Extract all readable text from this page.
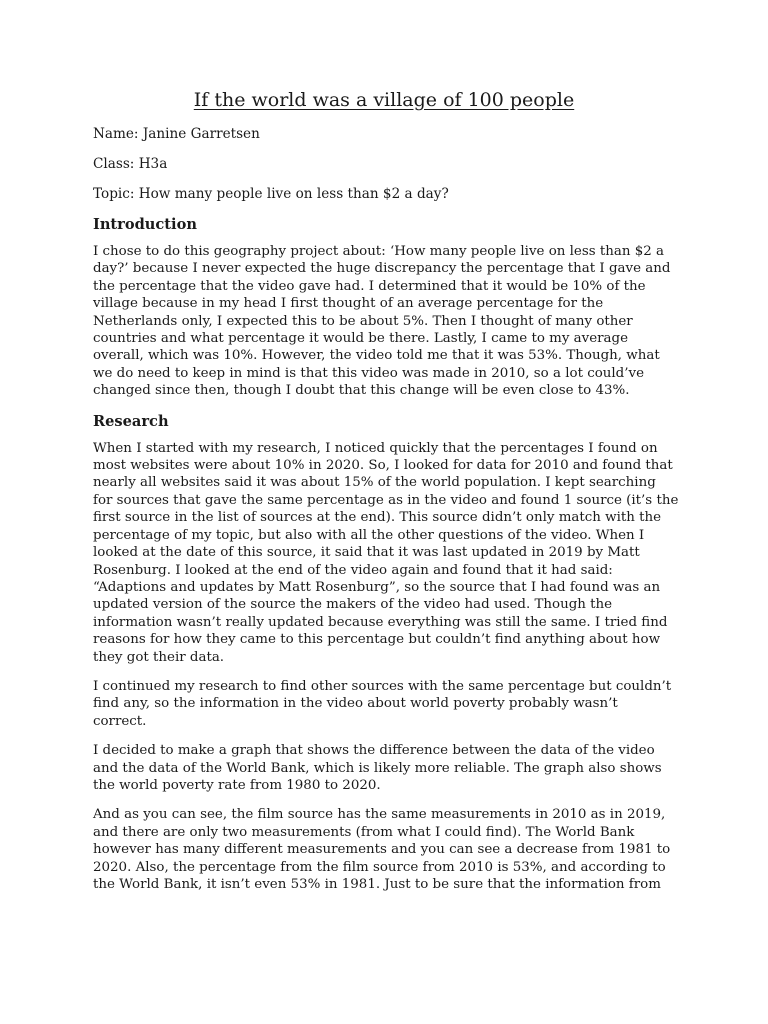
If the world was a village of 100 people

Name: Janine Garretsen

Class: H3a

Topic: How many people live on less than $2 a day?

Introduction

I chose to do this geography project about: ‘How many people live on less than $2 a
day?’ because I never expected the huge discrepancy the percentage that I gave and
the percentage that the video gave had. I determined that it would be 10% of the
village because in my head I first thought of an average percentage for the
Netherlands only, I expected this to be about 5%. Then I thought of many other
countries and what percentage it would be there. Lastly, I came to my average
overall, which was 10%. However, the video told me that it was 53%. Though, what
we do need to keep in mind is that this video was made in 2010, so a lot could’ve
changed since then, though I doubt that this change will be even close to 43%.

Research

When I started with my research, I noticed quickly that the percentages I found on
most websites were about 10% in 2020. So, I looked for data for 2010 and found that
nearly all websites said it was about 15% of the world population. I kept searching
for sources that gave the same percentage as in the video and found 1 source (it’s the
first source in the list of sources at the end). This source didn’t only match with the
percentage of my topic, but also with all the other questions of the video. When I
looked at the date of this source, it said that it was last updated in 2019 by Matt
Rosenburg. I looked at the end of the video again and found that it had said:
“Adaptions and updates by Matt Rosenburg”, so the source that I had found was an
updated version of the source the makers of the video had used. Though the
information wasn’t really updated because everything was still the same. I tried find
reasons for how they came to this percentage but couldn’t find anything about how
they got their data.

I continued my research to find other sources with the same percentage but couldn’t
find any, so the information in the video about world poverty probably wasn’t
correct.

I decided to make a graph that shows the difference between the data of the video
and the data of the World Bank, which is likely more reliable. The graph also shows
the world poverty rate from 1980 to 2020.

And as you can see, the film source has the same measurements in 2010 as in 2019,
and there are only two measurements (from what I could find). The World Bank
however has many different measurements and you can see a decrease from 1981 to
2020. Also, the percentage from the film source from 2010 is 53%, and according to
the World Bank, it isn’t even 53% in 1981. Just to be sure that the information from
